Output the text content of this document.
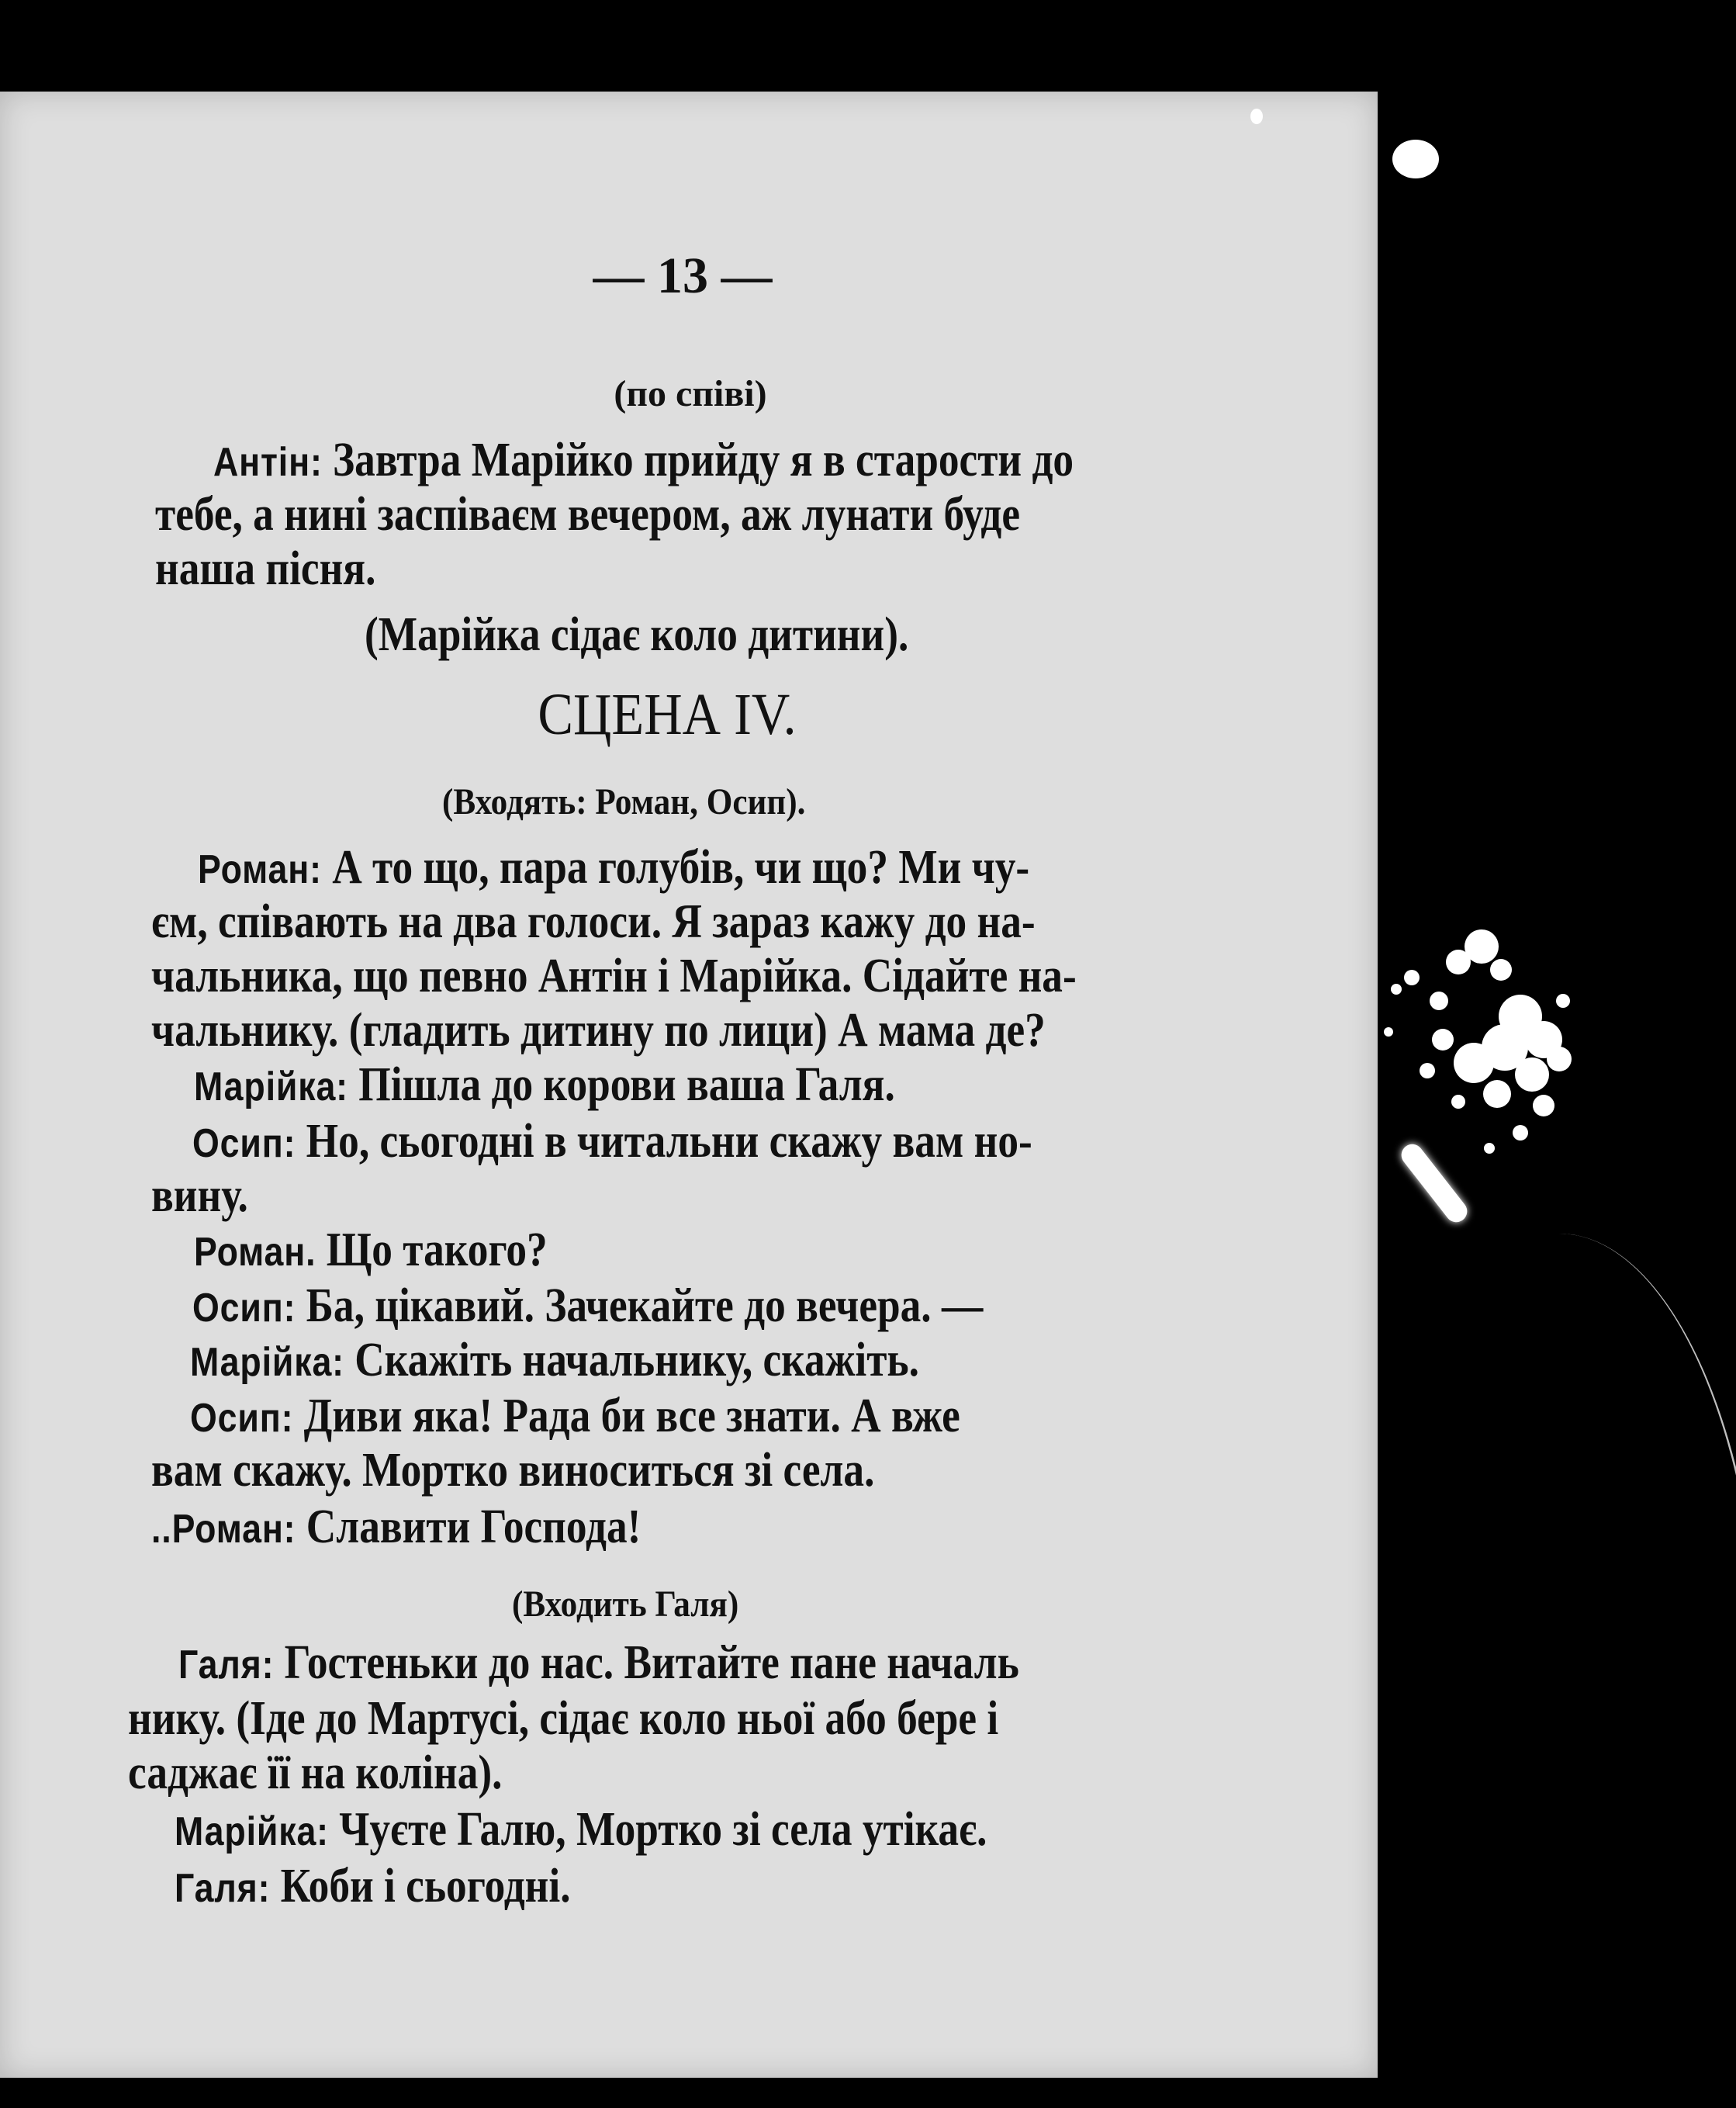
— 13 —
(по співі)
Антін: Завтра Марійко прийду я в старости до
тебе, а нині заспіваєм вечером, аж лунати буде
наша пісня.
(Марійка сідає коло дитини).
СЦЕНА IV.
(Входять: Роман, Осип).
Роман: А то що, пара голубів, чи що? Ми чу-
єм, співають на два голоси. Я зараз кажу до на-
чальника, що певно Антін і Марійка. Сідайте на-
чальнику. (гладить дитину по лици) А мама де?
Марійка: Пішла до корови ваша Галя.
Осип: Но, сьогодні в читальни скажу вам но-
вину.
Роман. Що такого?
Осип: Ба, цікавий. Зачекайте до вечера. —
Марійка: Скажіть начальнику, скажіть.
Осип: Диви яка! Рада би все знати. А вже
вам скажу. Мортко виноситься зі села.
..Роман: Славити Господа!
(Входить Галя)
Галя: Гостеньки до нас. Витайте пане началь
нику. (Іде до Мартусі, сідає коло ньої або бере і
саджає її на коліна).
Марійка: Чуєте Галю, Мортко зі села утікає.
Галя: Коби і сьогодні.
